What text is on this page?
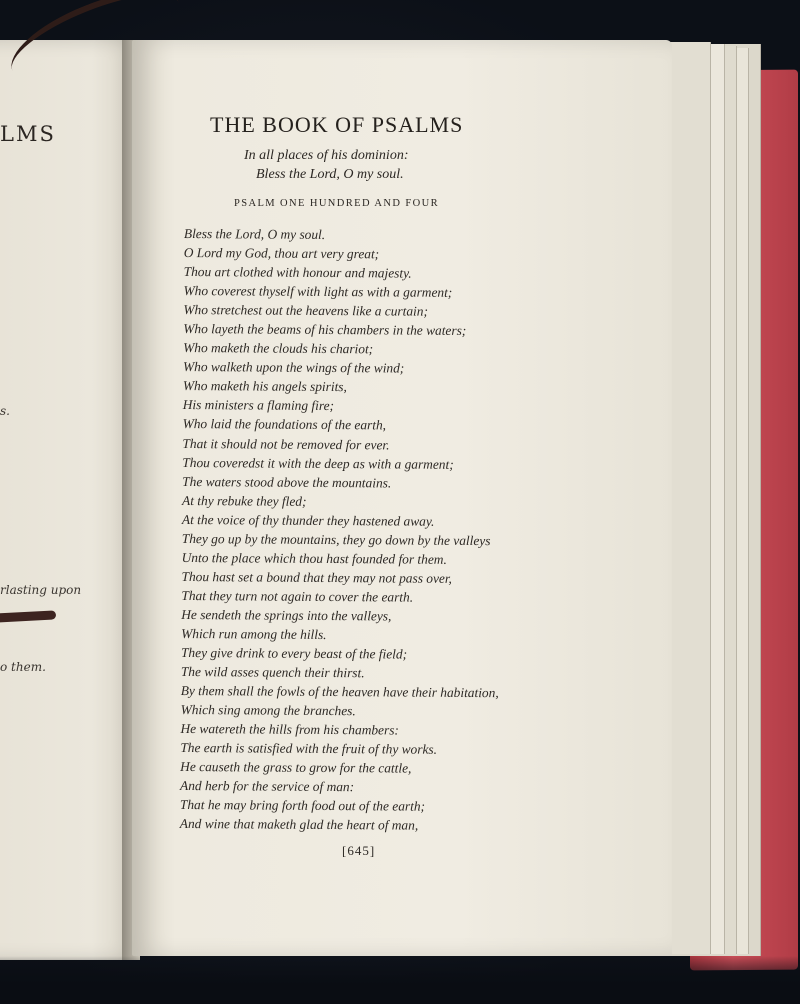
LMS
s.
rlasting upon
o them.
THE BOOK OF PSALMS
In all places of his dominion:
Bless the Lord, O my soul.
PSALM ONE HUNDRED AND FOUR
Bless the Lord, O my soul.
O Lord my God, thou art very great;
Thou art clothed with honour and majesty.
Who coverest thyself with light as with a garment;
Who stretchest out the heavens like a curtain;
Who layeth the beams of his chambers in the waters;
Who maketh the clouds his chariot;
Who walketh upon the wings of the wind;
Who maketh his angels spirits,
His ministers a flaming fire;
Who laid the foundations of the earth,
That it should not be removed for ever.
Thou coveredst it with the deep as with a garment;
The waters stood above the mountains.
At thy rebuke they fled;
At the voice of thy thunder they hastened away.
They go up by the mountains, they go down by the valleys
Unto the place which thou hast founded for them.
Thou hast set a bound that they may not pass over,
That they turn not again to cover the earth.
He sendeth the springs into the valleys,
Which run among the hills.
They give drink to every beast of the field;
The wild asses quench their thirst.
By them shall the fowls of the heaven have their habitation,
Which sing among the branches.
He watereth the hills from his chambers:
The earth is satisfied with the fruit of thy works.
He causeth the grass to grow for the cattle,
And herb for the service of man:
That he may bring forth food out of the earth;
And wine that maketh glad the heart of man,
[645]
